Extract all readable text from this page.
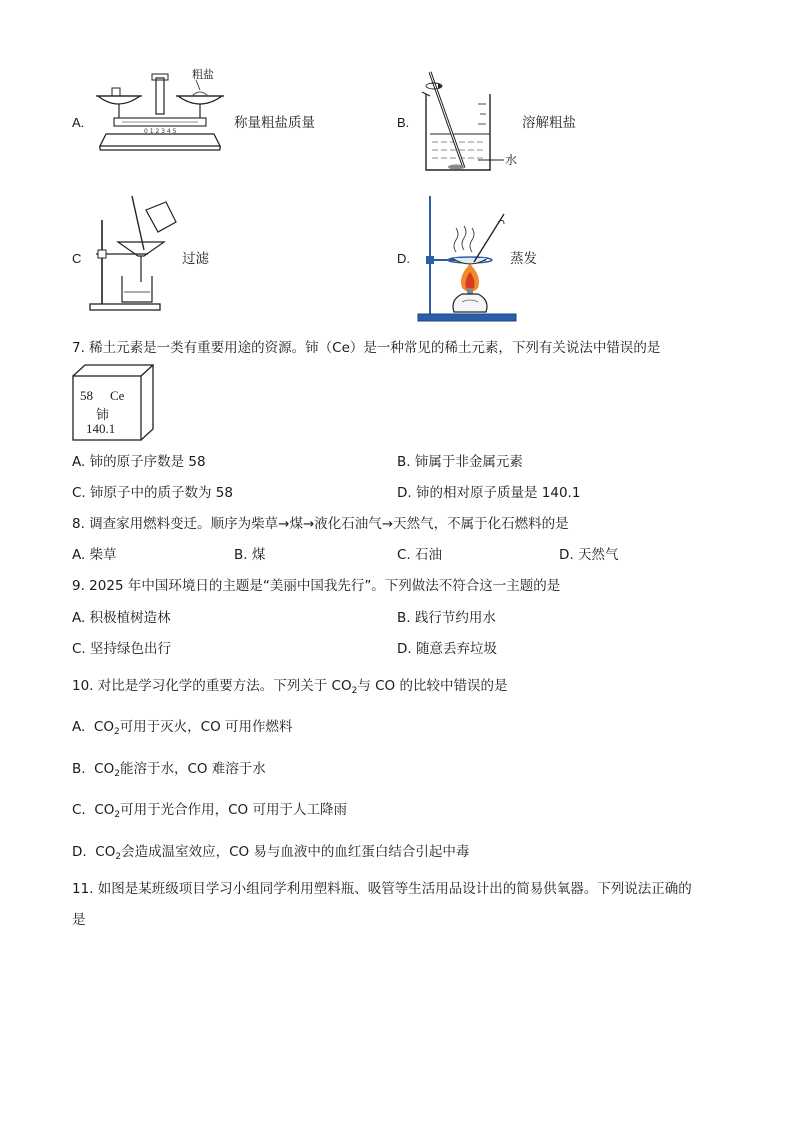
A.	称量粗盐质量
粗盐
0 1 2 3 4 5
B.	溶解粗盐
水
C	过滤	D.	蒸发
7. 稀土元素是一类有重要用途的资源。铈（Ce）是一种常见的稀土元素，下列有关说法中错误的是
58 Ce
铈
140.1
A. 铈的原子序数是 58	B. 铈属于非金属元素
C. 铈原子中的质子数为 58	D. 铈的相对原子质量是 140.1
8. 调查家用燃料变迁。顺序为柴草→煤→液化石油气→天然气，不属于化石燃料的是
A. 柴草	B. 煤	C. 石油	D. 天然气
9. 2025 年中国环境日的主题是“美丽中国我先行”。下列做法不符合这一主题的是
A. 积极植树造林	B. 践行节约用水
C. 坚持绿色出行	D. 随意丢弃垃圾
10. 对比是学习化学的重要方法。下列关于 $CO_2$与 CO 的比较中错误的是
A. $CO_2$可用于灭火，CO 可用作燃料
B. $CO_2$能溶于水，CO 难溶于水
C. $CO_2$可用于光合作用，CO 可用于人工降雨
D. $CO_2$会造成温室效应，CO 易与血液中的血红蛋白结合引起中毒
11. 如图是某班级项目学习小组同学利用塑料瓶、吸管等生活用品设计出的简易供氧器。下列说法正确的
是
